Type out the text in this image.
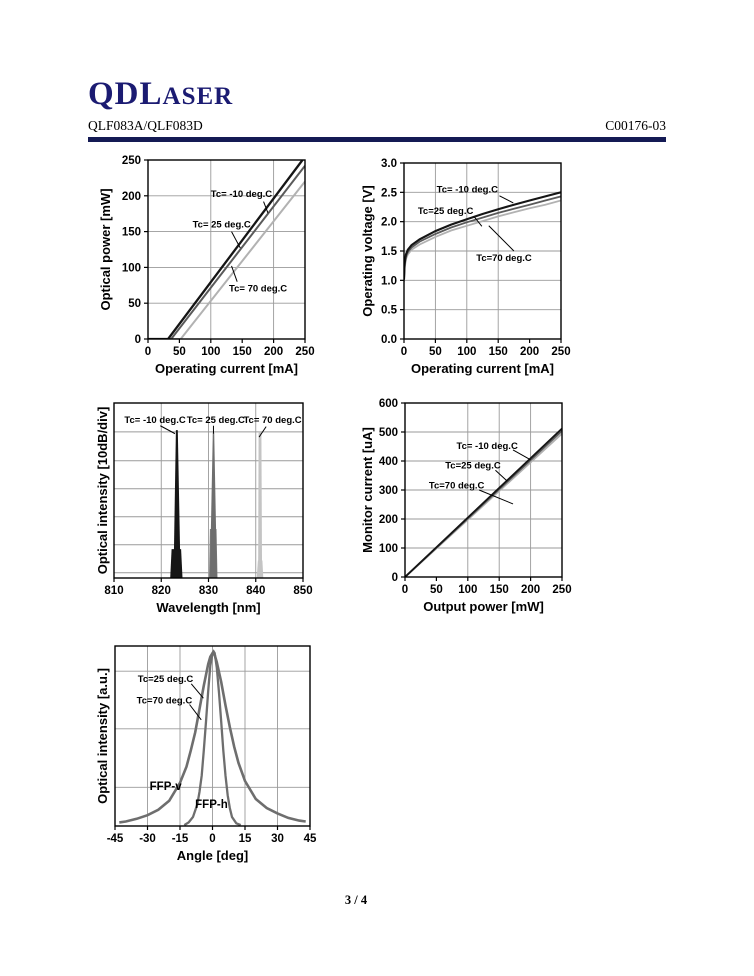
QDLASER
QLF083A/QLF083D	C00176-03
0 50 100 150 200 250
0
50
100
150
200
250
Operating current [mA]
Optical power [mW]	Tc= -10 deg.C
Tc= 25 deg.C
Tc= 70 deg.C
0 50 100 150 200 250
0.0
0.5
1.0
1.5
2.0
2.5
3.0
Operating current [mA]
Operating voltage [V]	Tc= -10 deg.C
Tc=25 deg.C
Tc=70 deg.C
810 820 830 840 850
Wavelength [nm]
Optical intensity [10dB/div] Tc= -10 deg.C Tc= 25 deg.C
Tc= 70 deg.C
0 50 100 150 200 250
0
100
200
300
400
500
600
Output power [mW]
Monitor current [uA]	Tc= -10 deg.C
Tc=25 deg.C
Tc=70 deg.C
-45 -30 -15 0 15 30 45
Angle [deg]
Optical intensity [a.u.]	Tc=25 deg.C
Tc=70 deg.C
FFP-v
FFP-h
3 / 4
